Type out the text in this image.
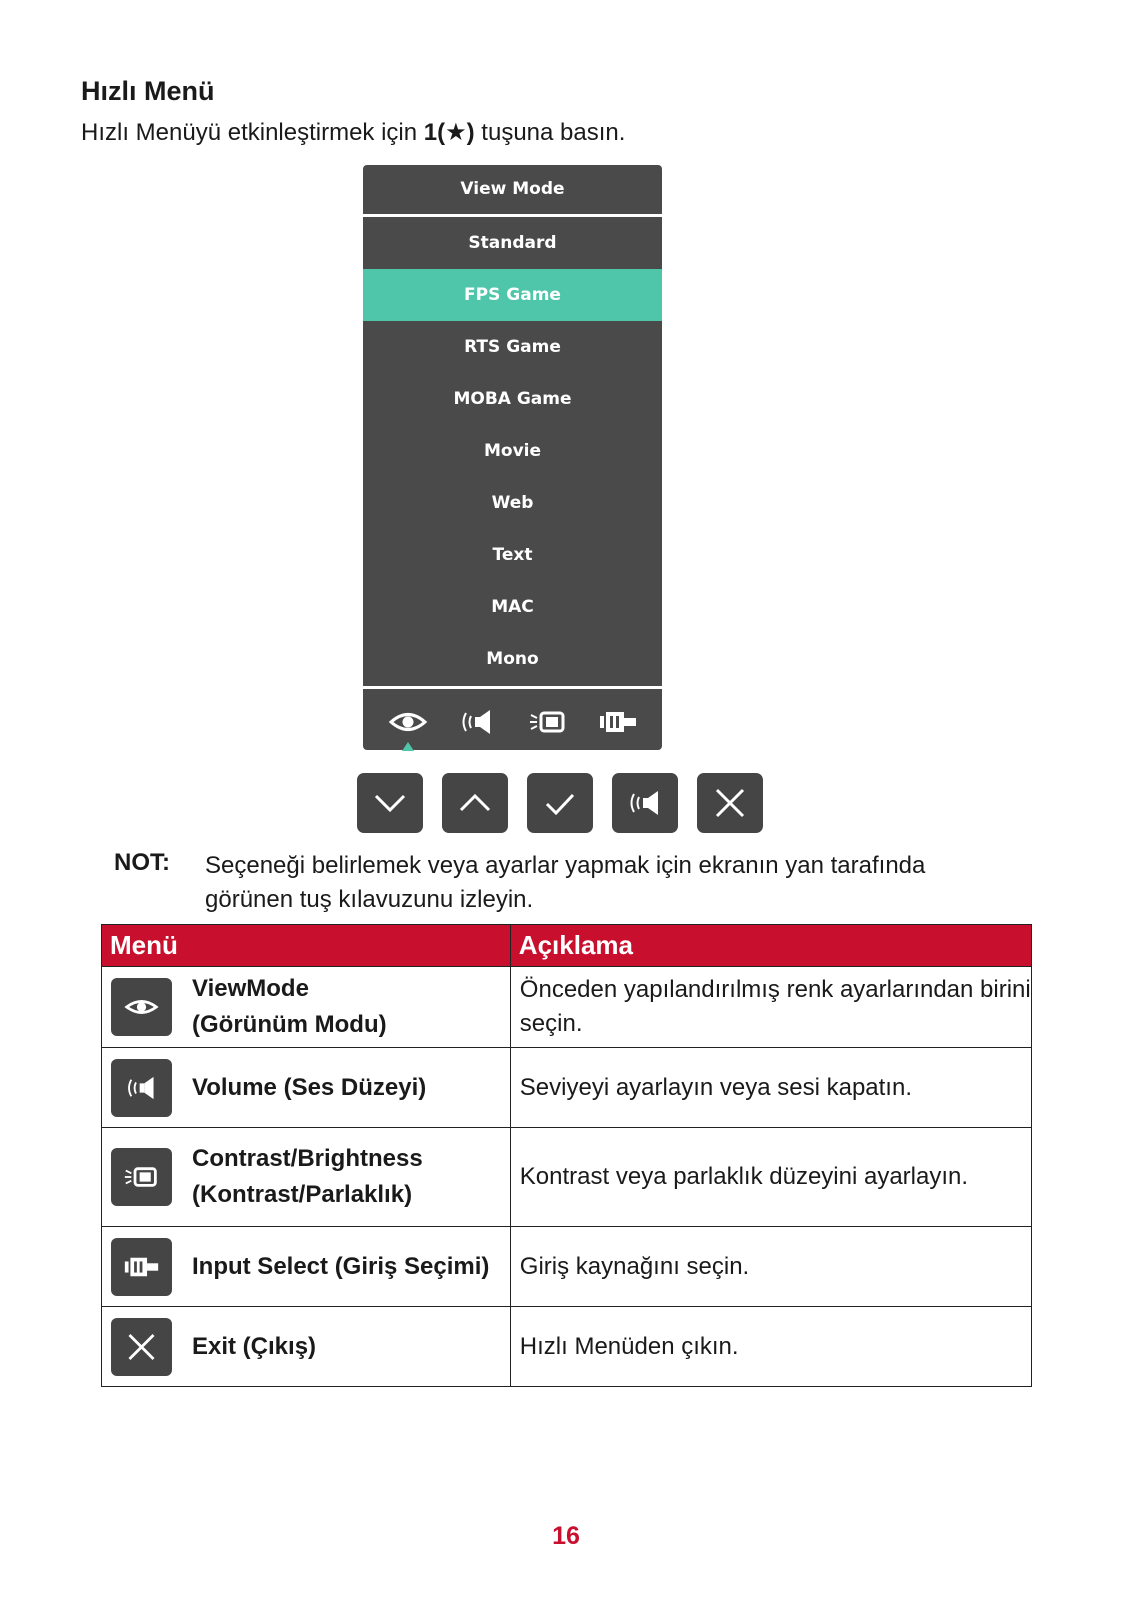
Hızlı Menü
Hızlı Menüyü etkinleştirmek için 1(★) tuşuna basın.
View Mode
Standard
FPS Game
RTS Game
MOBA Game
Movie
Web
Text
MAC
Mono
NOT: Seçeneği belirlemek veya ayarlar yapmak için ekranın yan tarafında görünen tuş kılavuzunu izleyin.
Menü	Açıklama

ViewMode
(Görünüm Modu)	Önceden yapılandırılmış renk ayarlarından birini seçin.

Volume (Ses Düzeyi)	Seviyeyi ayarlayın veya sesi kapatın.

Contrast/Brightness
(Kontrast/Parlaklık)	Kontrast veya parlaklık düzeyini ayarlayın.

Input Select (Giriş Seçimi)	Giriş kaynağını seçin.

Exit (Çıkış)	Hızlı Menüden çıkın.
16
